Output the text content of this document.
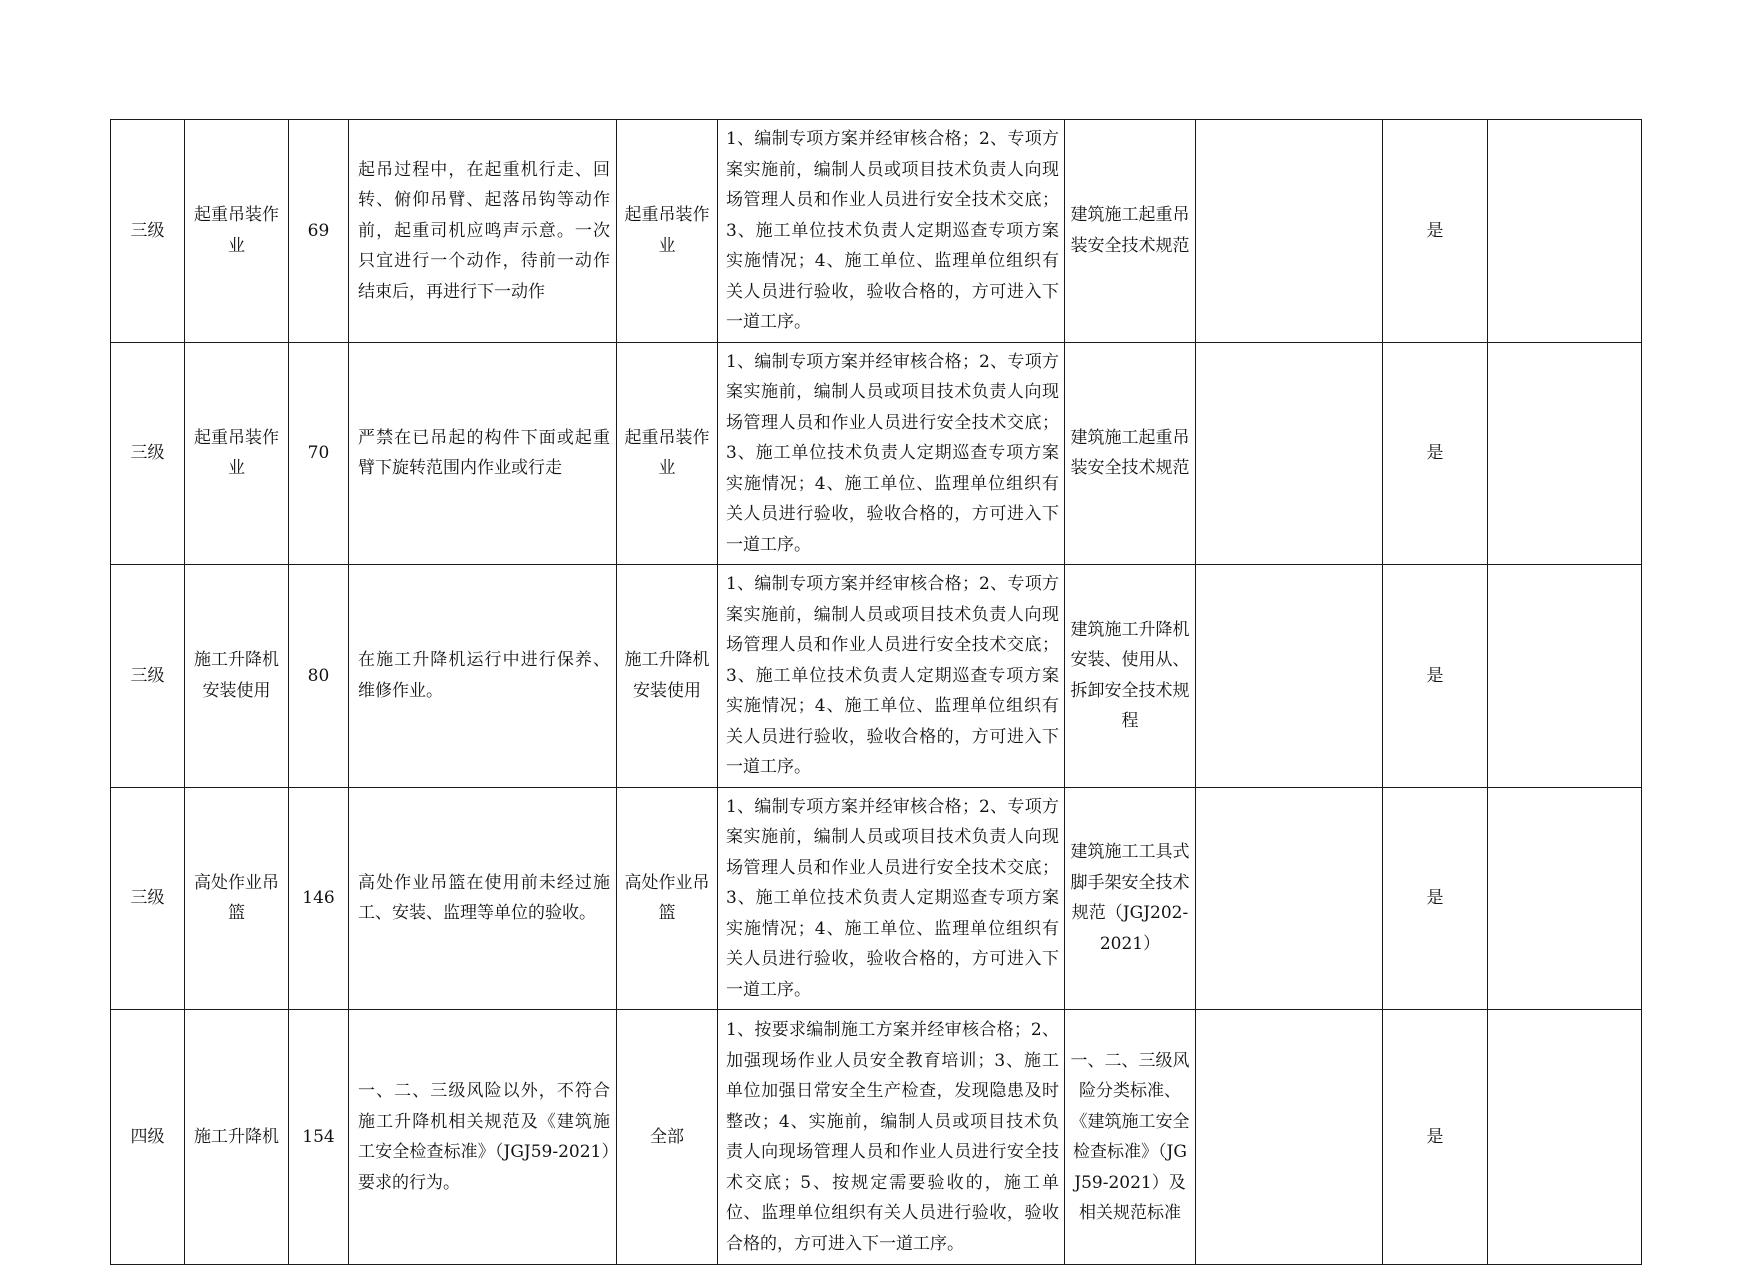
三级	起重吊装作业	69	起吊过程中，在起重机行走、回转、俯仰吊臂、起落吊钩等动作前，起重司机应鸣声示意。一次只宜进行一个动作，待前一动作结束后，再进行下一动作	起重吊装作业	1、编制专项方案并经审核合格；2、专项方案实施前，编制人员或项目技术负责人向现场管理人员和作业人员进行安全技术交底；3、施工单位技术负责人定期巡查专项方案实施情况；4、施工单位、监理单位组织有关人员进行验收，验收合格的，方可进入下一道工序。	建筑施工起重吊装安全技术规范		是	
三级	起重吊装作业	70	严禁在已吊起的构件下面或起重臂下旋转范围内作业或行走	起重吊装作业	1、编制专项方案并经审核合格；2、专项方案实施前，编制人员或项目技术负责人向现场管理人员和作业人员进行安全技术交底；3、施工单位技术负责人定期巡查专项方案实施情况；4、施工单位、监理单位组织有关人员进行验收，验收合格的，方可进入下一道工序。	建筑施工起重吊装安全技术规范		是	
三级	施工升降机安装使用	80	在施工升降机运行中进行保养、维修作业。	施工升降机安装使用	1、编制专项方案并经审核合格；2、专项方案实施前，编制人员或项目技术负责人向现场管理人员和作业人员进行安全技术交底；3、施工单位技术负责人定期巡查专项方案实施情况；4、施工单位、监理单位组织有关人员进行验收，验收合格的，方可进入下一道工序。	建筑施工升降机安装、使用从、拆卸安全技术规程		是	
三级	高处作业吊篮	146	高处作业吊篮在使用前未经过施工、安装、监理等单位的验收。	高处作业吊篮	1、编制专项方案并经审核合格；2、专项方案实施前，编制人员或项目技术负责人向现场管理人员和作业人员进行安全技术交底；3、施工单位技术负责人定期巡查专项方案实施情况；4、施工单位、监理单位组织有关人员进行验收，验收合格的，方可进入下一道工序。	建筑施工工具式脚手架安全技术规范（JGJ202-2021）		是	
四级	施工升降机	154	一、二、三级风险以外，不符合施工升降机相关规范及《建筑施工安全检查标准》（JGJ59-2021）要求的行为。	全部	1、按要求编制施工方案并经审核合格；2、加强现场作业人员安全教育培训；3、施工单位加强日常安全生产检查，发现隐患及时整改；4、实施前，编制人员或项目技术负责人向现场管理人员和作业人员进行安全技术交底；5、按规定需要验收的，施工单位、监理单位组织有关人员进行验收，验收合格的，方可进入下一道工序。	一、二、三级风险分类标准、《建筑施工安全检查标准》（JGJ59-2021）及相关规范标准		是	
